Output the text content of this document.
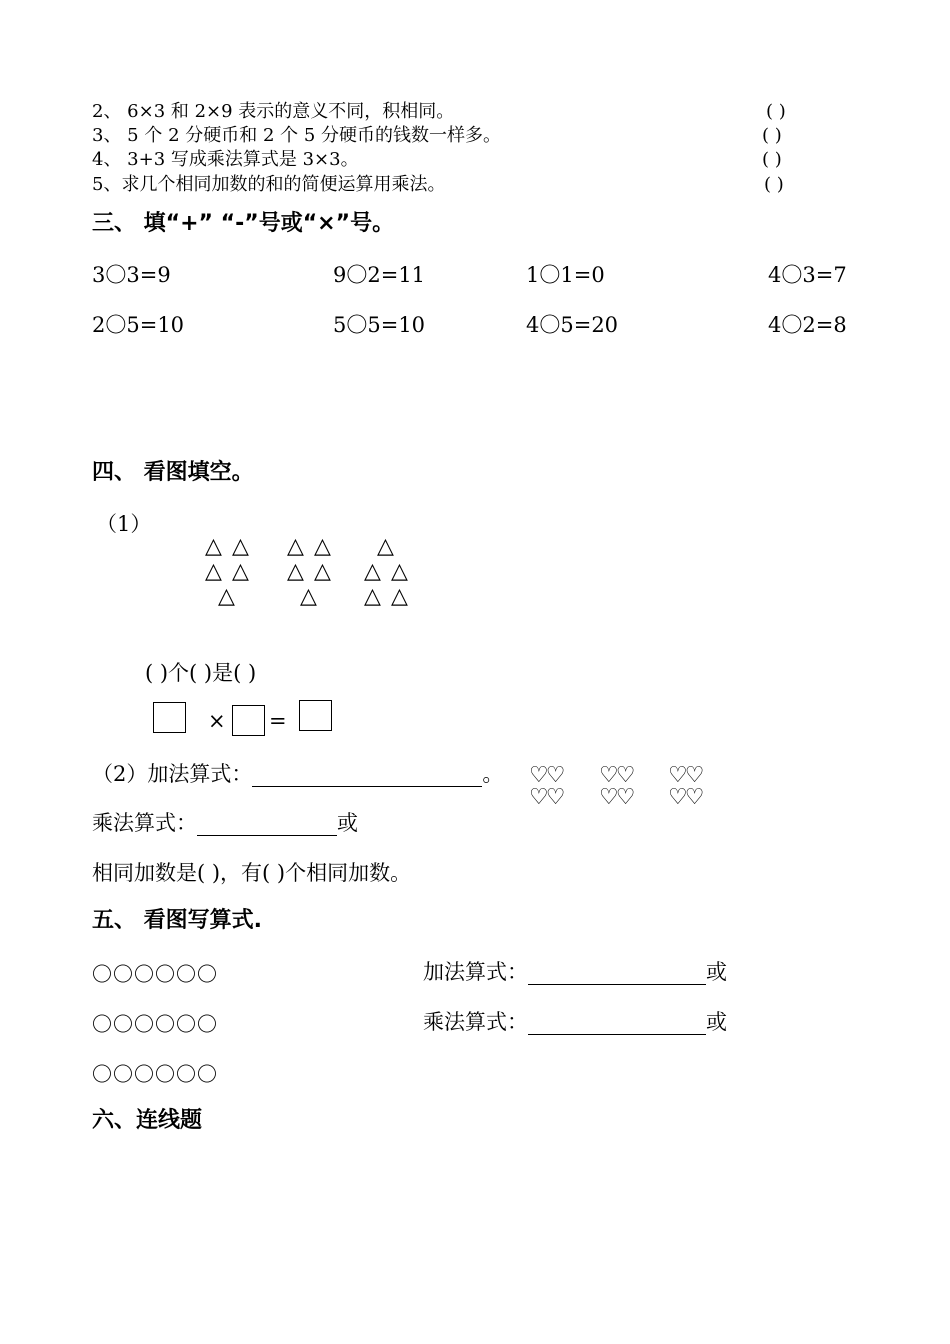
2、 6×3 和 2×9 表示的意义不同，积相同。	( )
3、 5 个 2 分硬币和 2 个 5 分硬币的钱数一样多。	( )
4、 3+3 写成乘法算式是 3×3。	( )
5、求几个相同加数的和的简便运算用乘法。	( )
三、 填“+” “-”号或“×”号。
3〇3=9	9〇2=11	1〇1=0	4〇3=7
2〇5=10	5〇5=10	4〇5=20	4〇2=8
四、 看图填空。
（1）
△ △
△ △
△
△ △
△ △
△
△
△ △
△ △
( )个( )是( )
× =
（2）加法算式：	。 ♡♡
♡♡
♡♡
♡♡
♡♡
♡♡
乘法算式：	或
相同加数是( )，有( )个相同加数。
五、 看图写算式.
〇〇〇〇〇〇
〇〇〇〇〇〇
〇〇〇〇〇〇
加法算式：	或
乘法算式：	或
六、连线题
